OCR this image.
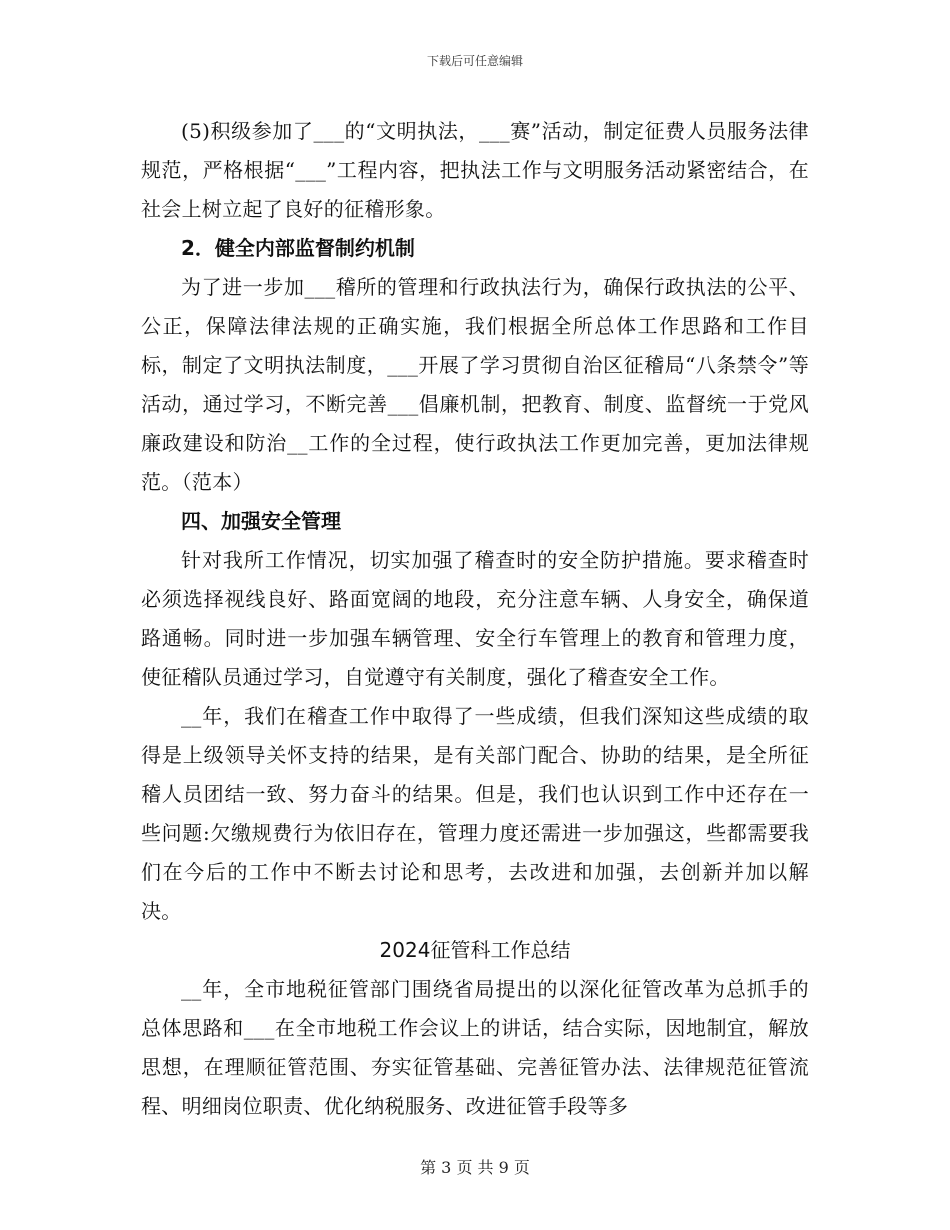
下载后可任意编辑

(5)积级参加了___的“文明执法，___赛”活动，制定征费人员服务法律规范，严格根据“___”工程内容，把执法工作与文明服务活动紧密结合，在社会上树立起了良好的征稽形象。

2．健全内部监督制约机制

为了进一步加___稽所的管理和行政执法行为，确保行政执法的公平、公正，保障法律法规的正确实施，我们根据全所总体工作思路和工作目标，制定了文明执法制度，___开展了学习贯彻自治区征稽局“八条禁令”等活动，通过学习，不断完善___倡廉机制，把教育、制度、监督统一于党风廉政建设和防治__工作的全过程，使行政执法工作更加完善，更加法律规范。（范本）

四、加强安全管理

针对我所工作情况，切实加强了稽查时的安全防护措施。要求稽查时必须选择视线良好、路面宽阔的地段，充分注意车辆、人身安全，确保道路通畅。同时进一步加强车辆管理、安全行车管理上的教育和管理力度，使征稽队员通过学习，自觉遵守有关制度，强化了稽查安全工作。

__年，我们在稽查工作中取得了一些成绩，但我们深知这些成绩的取得是上级领导关怀支持的结果，是有关部门配合、协助的结果，是全所征稽人员团结一致、努力奋斗的结果。但是，我们也认识到工作中还存在一些问题:欠缴规费行为依旧存在，管理力度还需进一步加强这，些都需要我们在今后的工作中不断去讨论和思考，去改进和加强，去创新并加以解决。

2024征管科工作总结

__年，全市地税征管部门围绕省局提出的以深化征管改革为总抓手的总体思路和___在全市地税工作会议上的讲话，结合实际，因地制宜，解放思想，在理顺征管范围、夯实征管基础、完善征管办法、法律规范征管流程、明细岗位职责、优化纳税服务、改进征管手段等多

第 3 页 共 9 页
